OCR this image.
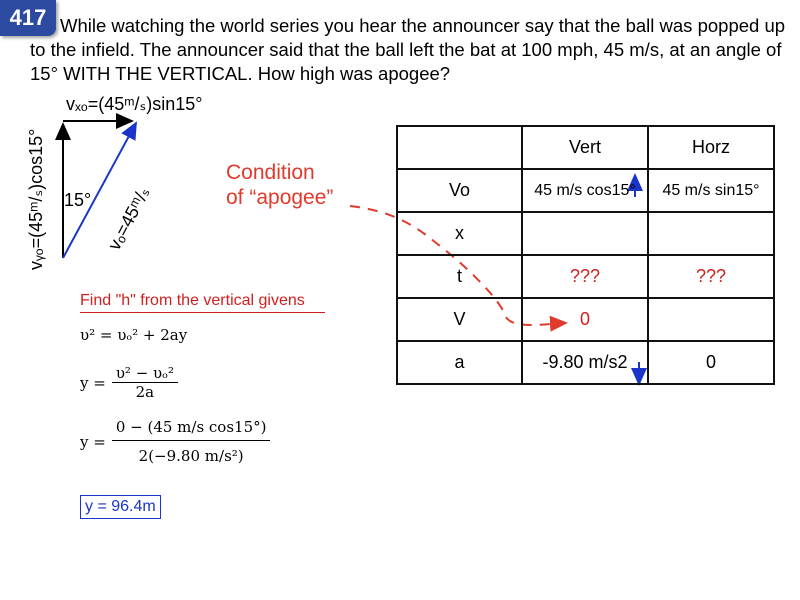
417 While watching the world series you hear the announcer say that the ball was popped up to the infield. The announcer said that the ball left the bat at 100 mph, 45 m/s, at an angle of 15° WITH THE VERTICAL. How high was apogee?
vₓₒ=(45ᵐ/ₛ)sin15°
vᵧₒ=(45ᵐ/ₛ)cos15°	vₒ=45ᵐ/ₛ
15°
Condition
of “apogee”
Find "h" from the vertical givens
υ² = υₒ² + 2ay
$y = \frac{\text{υ² − υₒ²}}{2a}$
$y = \frac{\text{0 − (45 m/s cos15°)}}{\text{2(−9.80 m/s²)}}$
y = 96.4m
	Vert	Horz
Vo	45 m/s cos15°	45 m/s sin15°
x		
t	???	???
V	0	
a	-9.80 m/s2	0
